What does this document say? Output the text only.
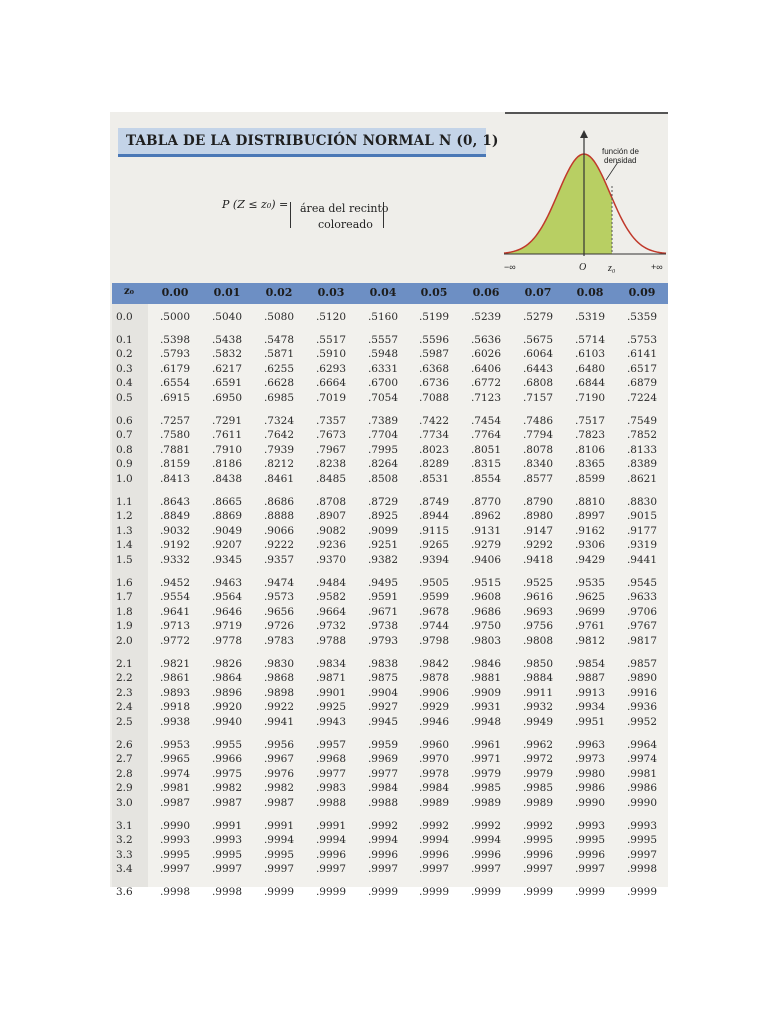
TABLA DE LA DISTRIBUCIÓN NORMAL N (0, 1)
P (Z ≤ z₀) = área del recinto
coloreado
función de
densidad
−∞	O z₀	+∞
z₀	0.00	0.01	0.02	0.03	0.04	0.05	0.06	0.07	0.08	0.09
0.0	.5000	.5040	.5080	.5120	.5160	.5199	.5239	.5279	.5319	.5359
0.1	.5398	.5438	.5478	.5517	.5557	.5596	.5636	.5675	.5714	.5753
0.2	.5793	.5832	.5871	.5910	.5948	.5987	.6026	.6064	.6103	.6141
0.3	.6179	.6217	.6255	.6293	.6331	.6368	.6406	.6443	.6480	.6517
0.4	.6554	.6591	.6628	.6664	.6700	.6736	.6772	.6808	.6844	.6879
0.5	.6915	.6950	.6985	.7019	.7054	.7088	.7123	.7157	.7190	.7224
0.6	.7257	.7291	.7324	.7357	.7389	.7422	.7454	.7486	.7517	.7549
0.7	.7580	.7611	.7642	.7673	.7704	.7734	.7764	.7794	.7823	.7852
0.8	.7881	.7910	.7939	.7967	.7995	.8023	.8051	.8078	.8106	.8133
0.9	.8159	.8186	.8212	.8238	.8264	.8289	.8315	.8340	.8365	.8389
1.0	.8413	.8438	.8461	.8485	.8508	.8531	.8554	.8577	.8599	.8621
1.1	.8643	.8665	.8686	.8708	.8729	.8749	.8770	.8790	.8810	.8830
1.2	.8849	.8869	.8888	.8907	.8925	.8944	.8962	.8980	.8997	.9015
1.3	.9032	.9049	.9066	.9082	.9099	.9115	.9131	.9147	.9162	.9177
1.4	.9192	.9207	.9222	.9236	.9251	.9265	.9279	.9292	.9306	.9319
1.5	.9332	.9345	.9357	.9370	.9382	.9394	.9406	.9418	.9429	.9441
1.6	.9452	.9463	.9474	.9484	.9495	.9505	.9515	.9525	.9535	.9545
1.7	.9554	.9564	.9573	.9582	.9591	.9599	.9608	.9616	.9625	.9633
1.8	.9641	.9646	.9656	.9664	.9671	.9678	.9686	.9693	.9699	.9706
1.9	.9713	.9719	.9726	.9732	.9738	.9744	.9750	.9756	.9761	.9767
2.0	.9772	.9778	.9783	.9788	.9793	.9798	.9803	.9808	.9812	.9817
2.1	.9821	.9826	.9830	.9834	.9838	.9842	.9846	.9850	.9854	.9857
2.2	.9861	.9864	.9868	.9871	.9875	.9878	.9881	.9884	.9887	.9890
2.3	.9893	.9896	.9898	.9901	.9904	.9906	.9909	.9911	.9913	.9916
2.4	.9918	.9920	.9922	.9925	.9927	.9929	.9931	.9932	.9934	.9936
2.5	.9938	.9940	.9941	.9943	.9945	.9946	.9948	.9949	.9951	.9952
2.6	.9953	.9955	.9956	.9957	.9959	.9960	.9961	.9962	.9963	.9964
2.7	.9965	.9966	.9967	.9968	.9969	.9970	.9971	.9972	.9973	.9974
2.8	.9974	.9975	.9976	.9977	.9977	.9978	.9979	.9979	.9980	.9981
2.9	.9981	.9982	.9982	.9983	.9984	.9984	.9985	.9985	.9986	.9986
3.0	.9987	.9987	.9987	.9988	.9988	.9989	.9989	.9989	.9990	.9990
3.1	.9990	.9991	.9991	.9991	.9992	.9992	.9992	.9992	.9993	.9993
3.2	.9993	.9993	.9994	.9994	.9994	.9994	.9994	.9995	.9995	.9995
3.3	.9995	.9995	.9995	.9996	.9996	.9996	.9996	.9996	.9996	.9997
3.4	.9997	.9997	.9997	.9997	.9997	.9997	.9997	.9997	.9997	.9998
3.6	.9998	.9998	.9999	.9999	.9999	.9999	.9999	.9999	.9999	.9999
